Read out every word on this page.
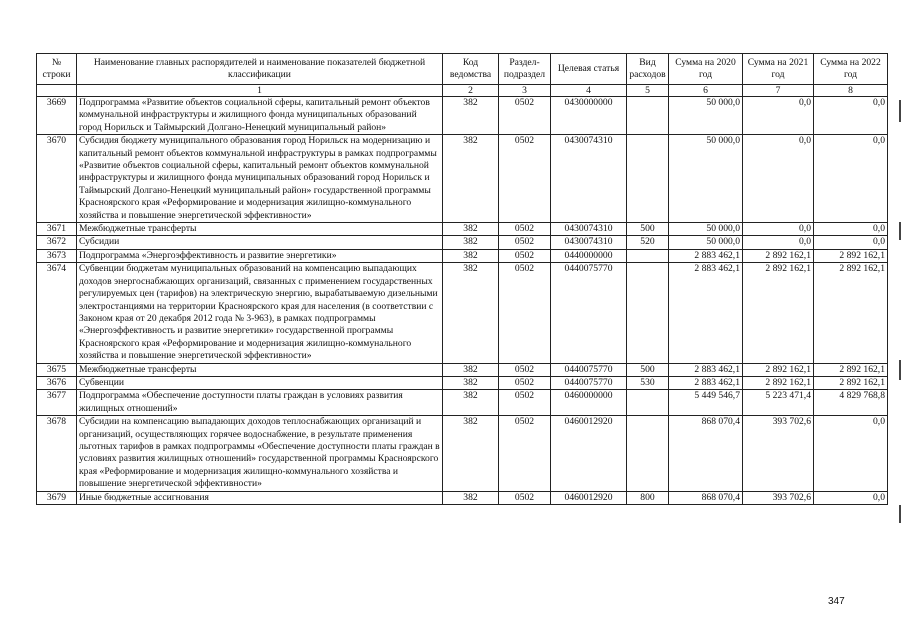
№ строки	Наименование главных распорядителей и наименование показателей бюджетной классификации	Код ведомства	Раздел- подраздел	Целевая статья	Вид расходов	Сумма на 2020 год	Сумма на 2021 год	Сумма на 2022 год
	1	2	3	4	5	6	7	8
3669	Подпрограмма «Развитие объектов социальной сферы, капитальный ремонт объектов коммунальной инфраструктуры и жилищного фонда муниципальных образований город Норильск и Таймырский Долгано-Ненецкий муниципальный район»	382	0502	0430000000		50 000,0	0,0	0,0
3670	Субсидия бюджету муниципального образования город Норильск на модернизацию и капитальный ремонт объектов коммунальной инфраструктуры в рамках подпрограммы «Развитие объектов социальной сферы, капитальный ремонт объектов коммунальной инфраструктуры и жилищного фонда муниципальных образований город Норильск и Таймырский Долгано-Ненецкий муниципальный район» государственной программы Красноярского края «Реформирование и модернизация жилищно-коммунального хозяйства и повышение энергетической эффективности»	382	0502	0430074310		50 000,0	0,0	0,0
3671	Межбюджетные трансферты	382	0502	0430074310	500	50 000,0	0,0	0,0
3672	Субсидии	382	0502	0430074310	520	50 000,0	0,0	0,0
3673	Подпрограмма «Энергоэффективность и развитие энергетики»	382	0502	0440000000		2 883 462,1	2 892 162,1	2 892 162,1
3674	Субвенции бюджетам муниципальных образований на компенсацию выпадающих доходов энергоснабжающих организаций, связанных с применением государственных регулируемых цен (тарифов) на электрическую энергию, вырабатываемую дизельными электростанциями на территории Красноярского края для населения (в соответствии с Законом края от 20 декабря 2012 года № 3-963), в рамках подпрограммы «Энергоэффективность и развитие энергетики» государственной программы Красноярского края «Реформирование и модернизация жилищно-коммунального хозяйства и повышение энергетической эффективности»	382	0502	0440075770		2 883 462,1	2 892 162,1	2 892 162,1
3675	Межбюджетные трансферты	382	0502	0440075770	500	2 883 462,1	2 892 162,1	2 892 162,1
3676	Субвенции	382	0502	0440075770	530	2 883 462,1	2 892 162,1	2 892 162,1
3677	Подпрограмма «Обеспечение доступности платы граждан в условиях развития жилищных отношений»	382	0502	0460000000		5 449 546,7	5 223 471,4	4 829 768,8
3678	Субсидии на компенсацию выпадающих доходов теплоснабжающих организаций и организаций, осуществляющих горячее водоснабжение, в результате применения льготных тарифов в рамках подпрограммы «Обеспечение доступности платы граждан в условиях развития жилищных отношений» государственной программы Красноярского края «Реформирование и модернизация жилищно-коммунального хозяйства и повышение энергетической эффективности»	382	0502	0460012920		868 070,4	393 702,6	0,0
3679	Иные бюджетные ассигнования	382	0502	0460012920	800	868 070,4	393 702,6	0,0
347
